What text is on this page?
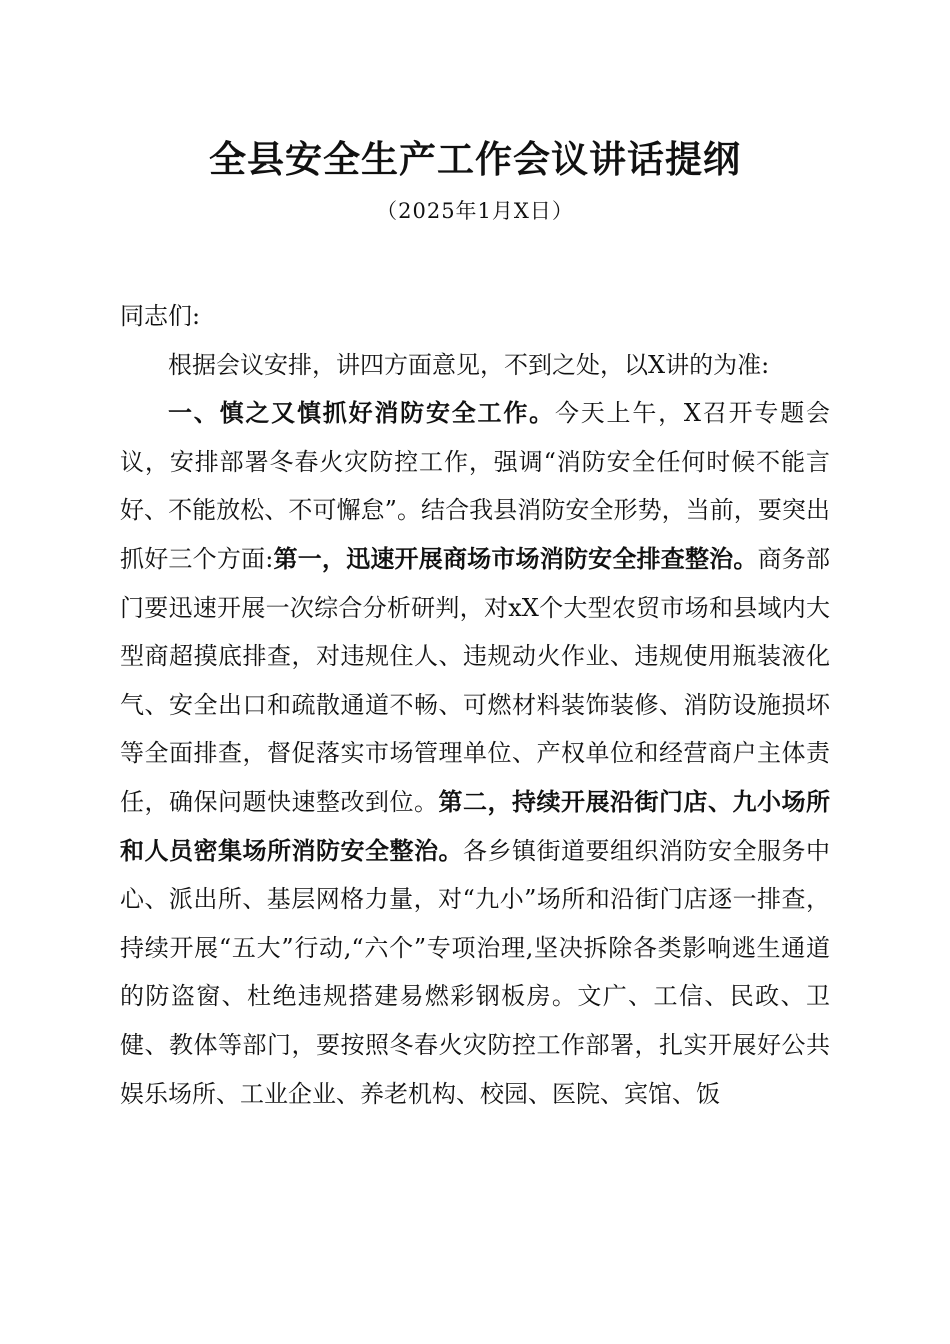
全县安全生产工作会议讲话提纲
（2025年1月X日）

同志们:

根据会议安排，讲四方面意见，不到之处，以X讲的为准:

一、慎之又慎抓好消防安全工作。今天上午，X召开专题会议，安排部署冬春火灾防控工作，强调“消防安全任何时候不能言好、不能放松、不可懈怠”。结合我县消防安全形势，当前，要突出抓好三个方面:第一，迅速开展商场市场消防安全排查整治。商务部门要迅速开展一次综合分析研判，对xX个大型农贸市场和县域内大型商超摸底排查，对违规住人、违规动火作业、违规使用瓶装液化气、安全出口和疏散通道不畅、可燃材料装饰装修、消防设施损坏等全面排查，督促落实市场管理单位、产权单位和经营商户主体责任，确保问题快速整改到位。第二，持续开展沿街门店、九小场所和人员密集场所消防安全整治。各乡镇街道要组织消防安全服务中心、派出所、基层网格力量，对“九小”场所和沿街门店逐一排查，持续开展“五大”行动,“六个”专项治理,坚决拆除各类影响逃生通道的防盗窗、杜绝违规搭建易燃彩钢板房。文广、工信、民政、卫健、教体等部门，要按照冬春火灾防控工作部署，扎实开展好公共娱乐场所、工业企业、养老机构、校园、医院、宾馆、饭
